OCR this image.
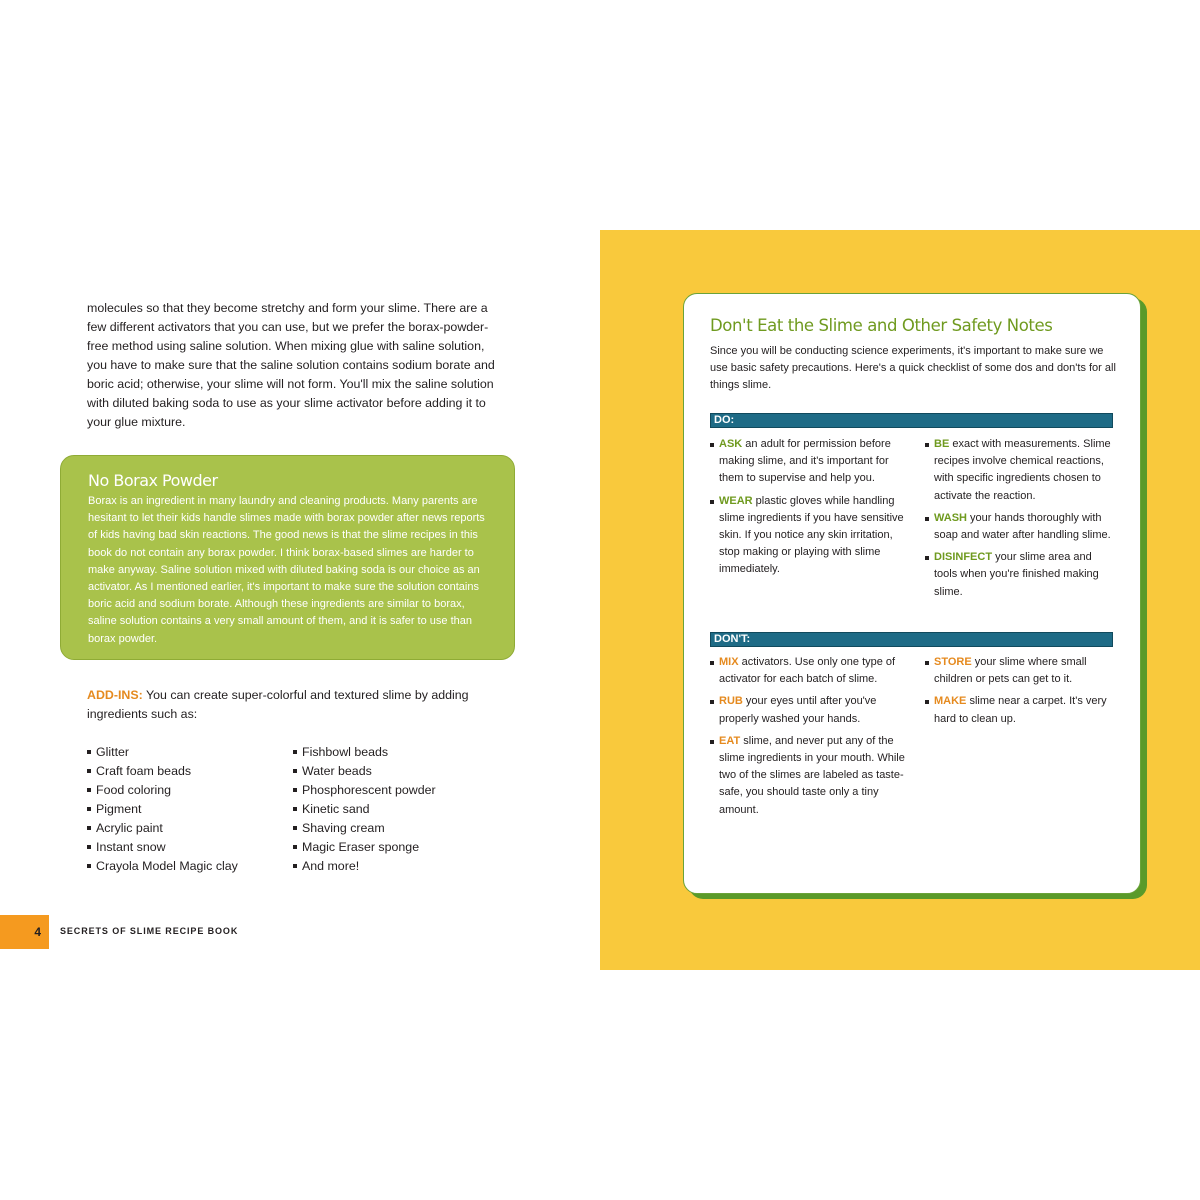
molecules so that they become stretchy and form your slime. There are a few different activators that you can use, but we prefer the borax-powder-free method using saline solution. When mixing glue with saline solution, you have to make sure that the saline solution contains sodium borate and boric acid; otherwise, your slime will not form. You'll mix the saline solution with diluted baking soda to use as your slime activator before adding it to your glue mixture.

No Borax Powder

Borax is an ingredient in many laundry and cleaning products. Many parents are hesitant to let their kids handle slimes made with borax powder after news reports of kids having bad skin reactions. The good news is that the slime recipes in this book do not contain any borax powder. I think borax-based slimes are harder to make anyway. Saline solution mixed with diluted baking soda is our choice as an activator. As I mentioned earlier, it's important to make sure the solution contains boric acid and sodium borate. Although these ingredients are similar to borax, saline solution contains a very small amount of them, and it is safer to use than borax powder.

ADD-INS: You can create super-colorful and textured slime by adding ingredients such as:

Glitter
Craft foam beads
Food coloring
Pigment
Acrylic paint
Instant snow
Crayola Model Magic clay
Fishbowl beads
Water beads
Phosphorescent powder
Kinetic sand
Shaving cream
Magic Eraser sponge
And more!
4 SECRETS OF SLIME RECIPE BOOK
Don't Eat the Slime and Other Safety Notes

Since you will be conducting science experiments, it's important to make sure we use basic safety precautions. Here's a quick checklist of some dos and don'ts for all things slime.

DO:
ASK an adult for permission before making slime, and it's important for them to supervise and help you.
WEAR plastic gloves while handling slime ingredients if you have sensitive skin. If you notice any skin irritation, stop making or playing with slime immediately.
BE exact with measurements. Slime recipes involve chemical reactions, with specific ingredients chosen to activate the reaction.
WASH your hands thoroughly with soap and water after handling slime.
DISINFECT your slime area and tools when you're finished making slime.
DON'T:
MIX activators. Use only one type of activator for each batch of slime.
RUB your eyes until after you've properly washed your hands.
EAT slime, and never put any of the slime ingredients in your mouth. While two of the slimes are labeled as taste-safe, you should taste only a tiny amount.
STORE your slime where small children or pets can get to it.
MAKE slime near a carpet. It's very hard to clean up.
